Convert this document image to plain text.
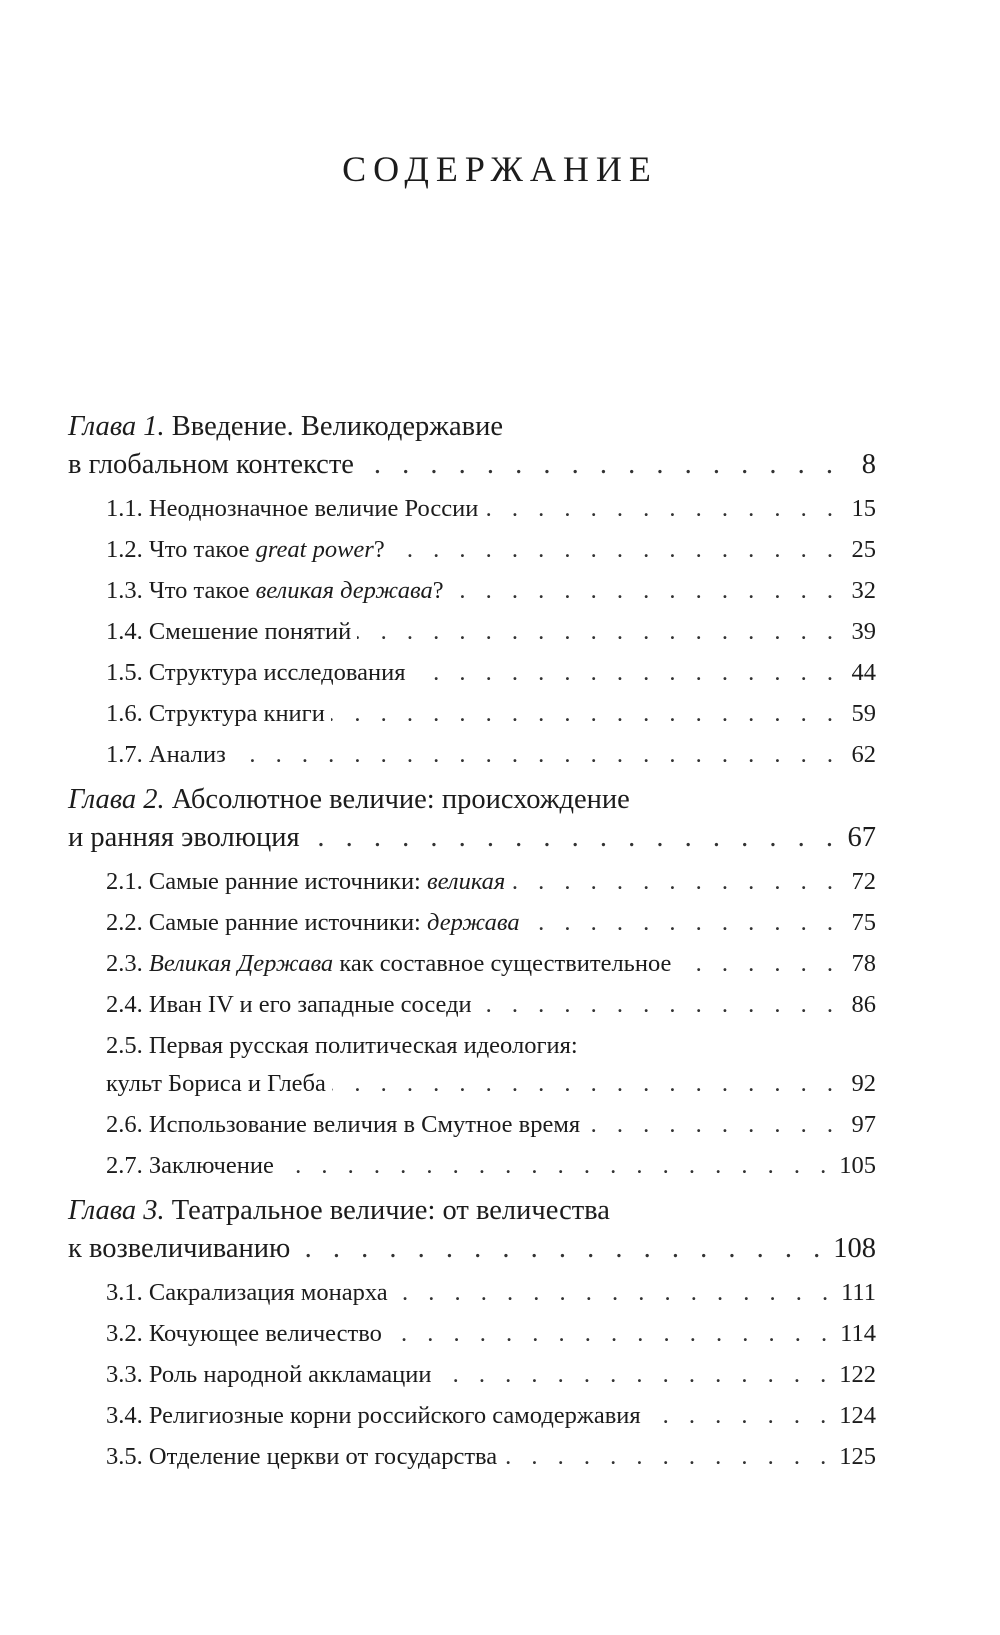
СОДЕРЖАНИЕ
Глава 1. Введение. Великодержавие
в глобальном контексте . . .	8
1.1. Неоднозначное величие России . . .	15
1.2. Что такое great power? . . .	25
1.3. Что такое великая держава? . . .	32
1.4. Смешение понятий . . .	39
1.5. Структура исследования . . .	44
1.6. Структура книги . . .	59
1.7. Анализ . . .	62
Глава 2. Абсолютное величие: происхождение
и ранняя эволюция . . .	67
2.1. Самые ранние источники: великая . . .	72
2.2. Самые ранние источники: держава . . .	75
2.3. Великая Держава как составное существительное . . .	78
2.4. Иван IV и его западные соседи . . .	86
2.5. Первая русская политическая идеология:
культ Бориса и Глеба . . .	92
2.6. Использование величия в Смутное время . . .	97
2.7. Заключение . . .	105
Глава 3. Театральное величие: от величества
к возвеличиванию . . .	108
3.1. Сакрализация монарха . . .	111
3.2. Кочующее величество . . .	114
3.3. Роль народной аккламации . . .	122
3.4. Религиозные корни российского самодержавия . . .	124
3.5. Отделение церкви от государства . . .	125
